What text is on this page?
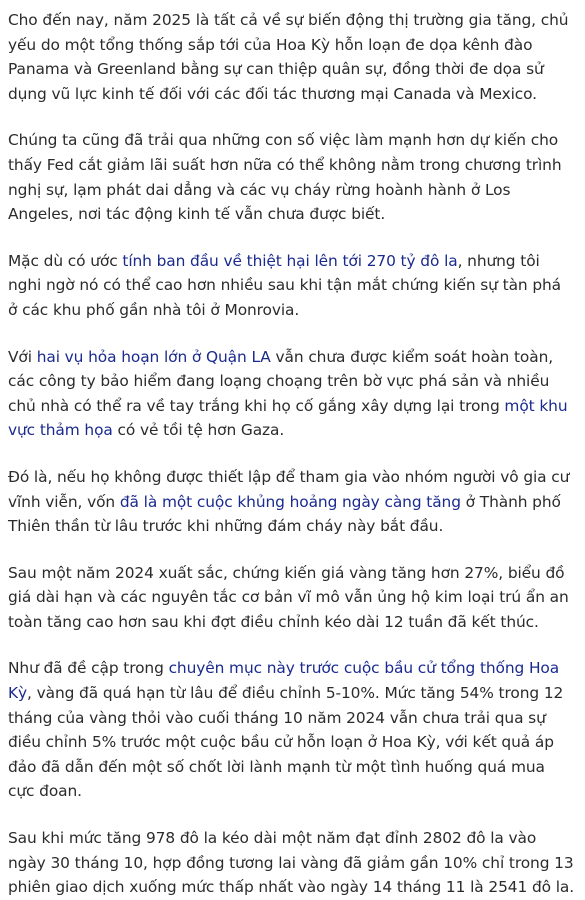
Cho đến nay, năm 2025 là tất cả về sự biến động thị trường gia tăng, chủ yếu do một tổng thống sắp tới của Hoa Kỳ hỗn loạn đe dọa kênh đào Panama và Greenland bằng sự can thiệp quân sự, đồng thời đe dọa sử dụng vũ lực kinh tế đối với các đối tác thương mại Canada và Mexico.

Chúng ta cũng đã trải qua những con số việc làm mạnh hơn dự kiến cho thấy Fed cắt giảm lãi suất hơn nữa có thể không nằm trong chương trình nghị sự, lạm phát dai dẳng và các vụ cháy rừng hoành hành ở Los Angeles, nơi tác động kinh tế vẫn chưa được biết.

Mặc dù có ước tính ban đầu về thiệt hại lên tới 270 tỷ đô la, nhưng tôi nghi ngờ nó có thể cao hơn nhiều sau khi tận mắt chứng kiến sự tàn phá ở các khu phố gần nhà tôi ở Monrovia.

Với hai vụ hỏa hoạn lớn ở Quận LA vẫn chưa được kiểm soát hoàn toàn, các công ty bảo hiểm đang loạng choạng trên bờ vực phá sản và nhiều chủ nhà có thể ra về tay trắng khi họ cố gắng xây dựng lại trong một khu vực thảm họa có vẻ tồi tệ hơn Gaza.

Đó là, nếu họ không được thiết lập để tham gia vào nhóm người vô gia cư vĩnh viễn, vốn đã là một cuộc khủng hoảng ngày càng tăng ở Thành phố Thiên thần từ lâu trước khi những đám cháy này bắt đầu.

Sau một năm 2024 xuất sắc, chứng kiến giá vàng tăng hơn 27%, biểu đồ giá dài hạn và các nguyên tắc cơ bản vĩ mô vẫn ủng hộ kim loại trú ẩn an toàn tăng cao hơn sau khi đợt điều chỉnh kéo dài 12 tuần đã kết thúc.

Như đã đề cập trong chuyên mục này trước cuộc bầu cử tổng thống Hoa Kỳ, vàng đã quá hạn từ lâu để điều chỉnh 5-10%. Mức tăng 54% trong 12 tháng của vàng thỏi vào cuối tháng 10 năm 2024 vẫn chưa trải qua sự điều chỉnh 5% trước một cuộc bầu cử hỗn loạn ở Hoa Kỳ, với kết quả áp đảo đã dẫn đến một số chốt lời lành mạnh từ một tình huống quá mua cực đoan.

Sau khi mức tăng 978 đô la kéo dài một năm đạt đỉnh 2802 đô la vào ngày 30 tháng 10, hợp đồng tương lai vàng đã giảm gần 10% chỉ trong 13 phiên giao dịch xuống mức thấp nhất vào ngày 14 tháng 11 là 2541 đô la.
